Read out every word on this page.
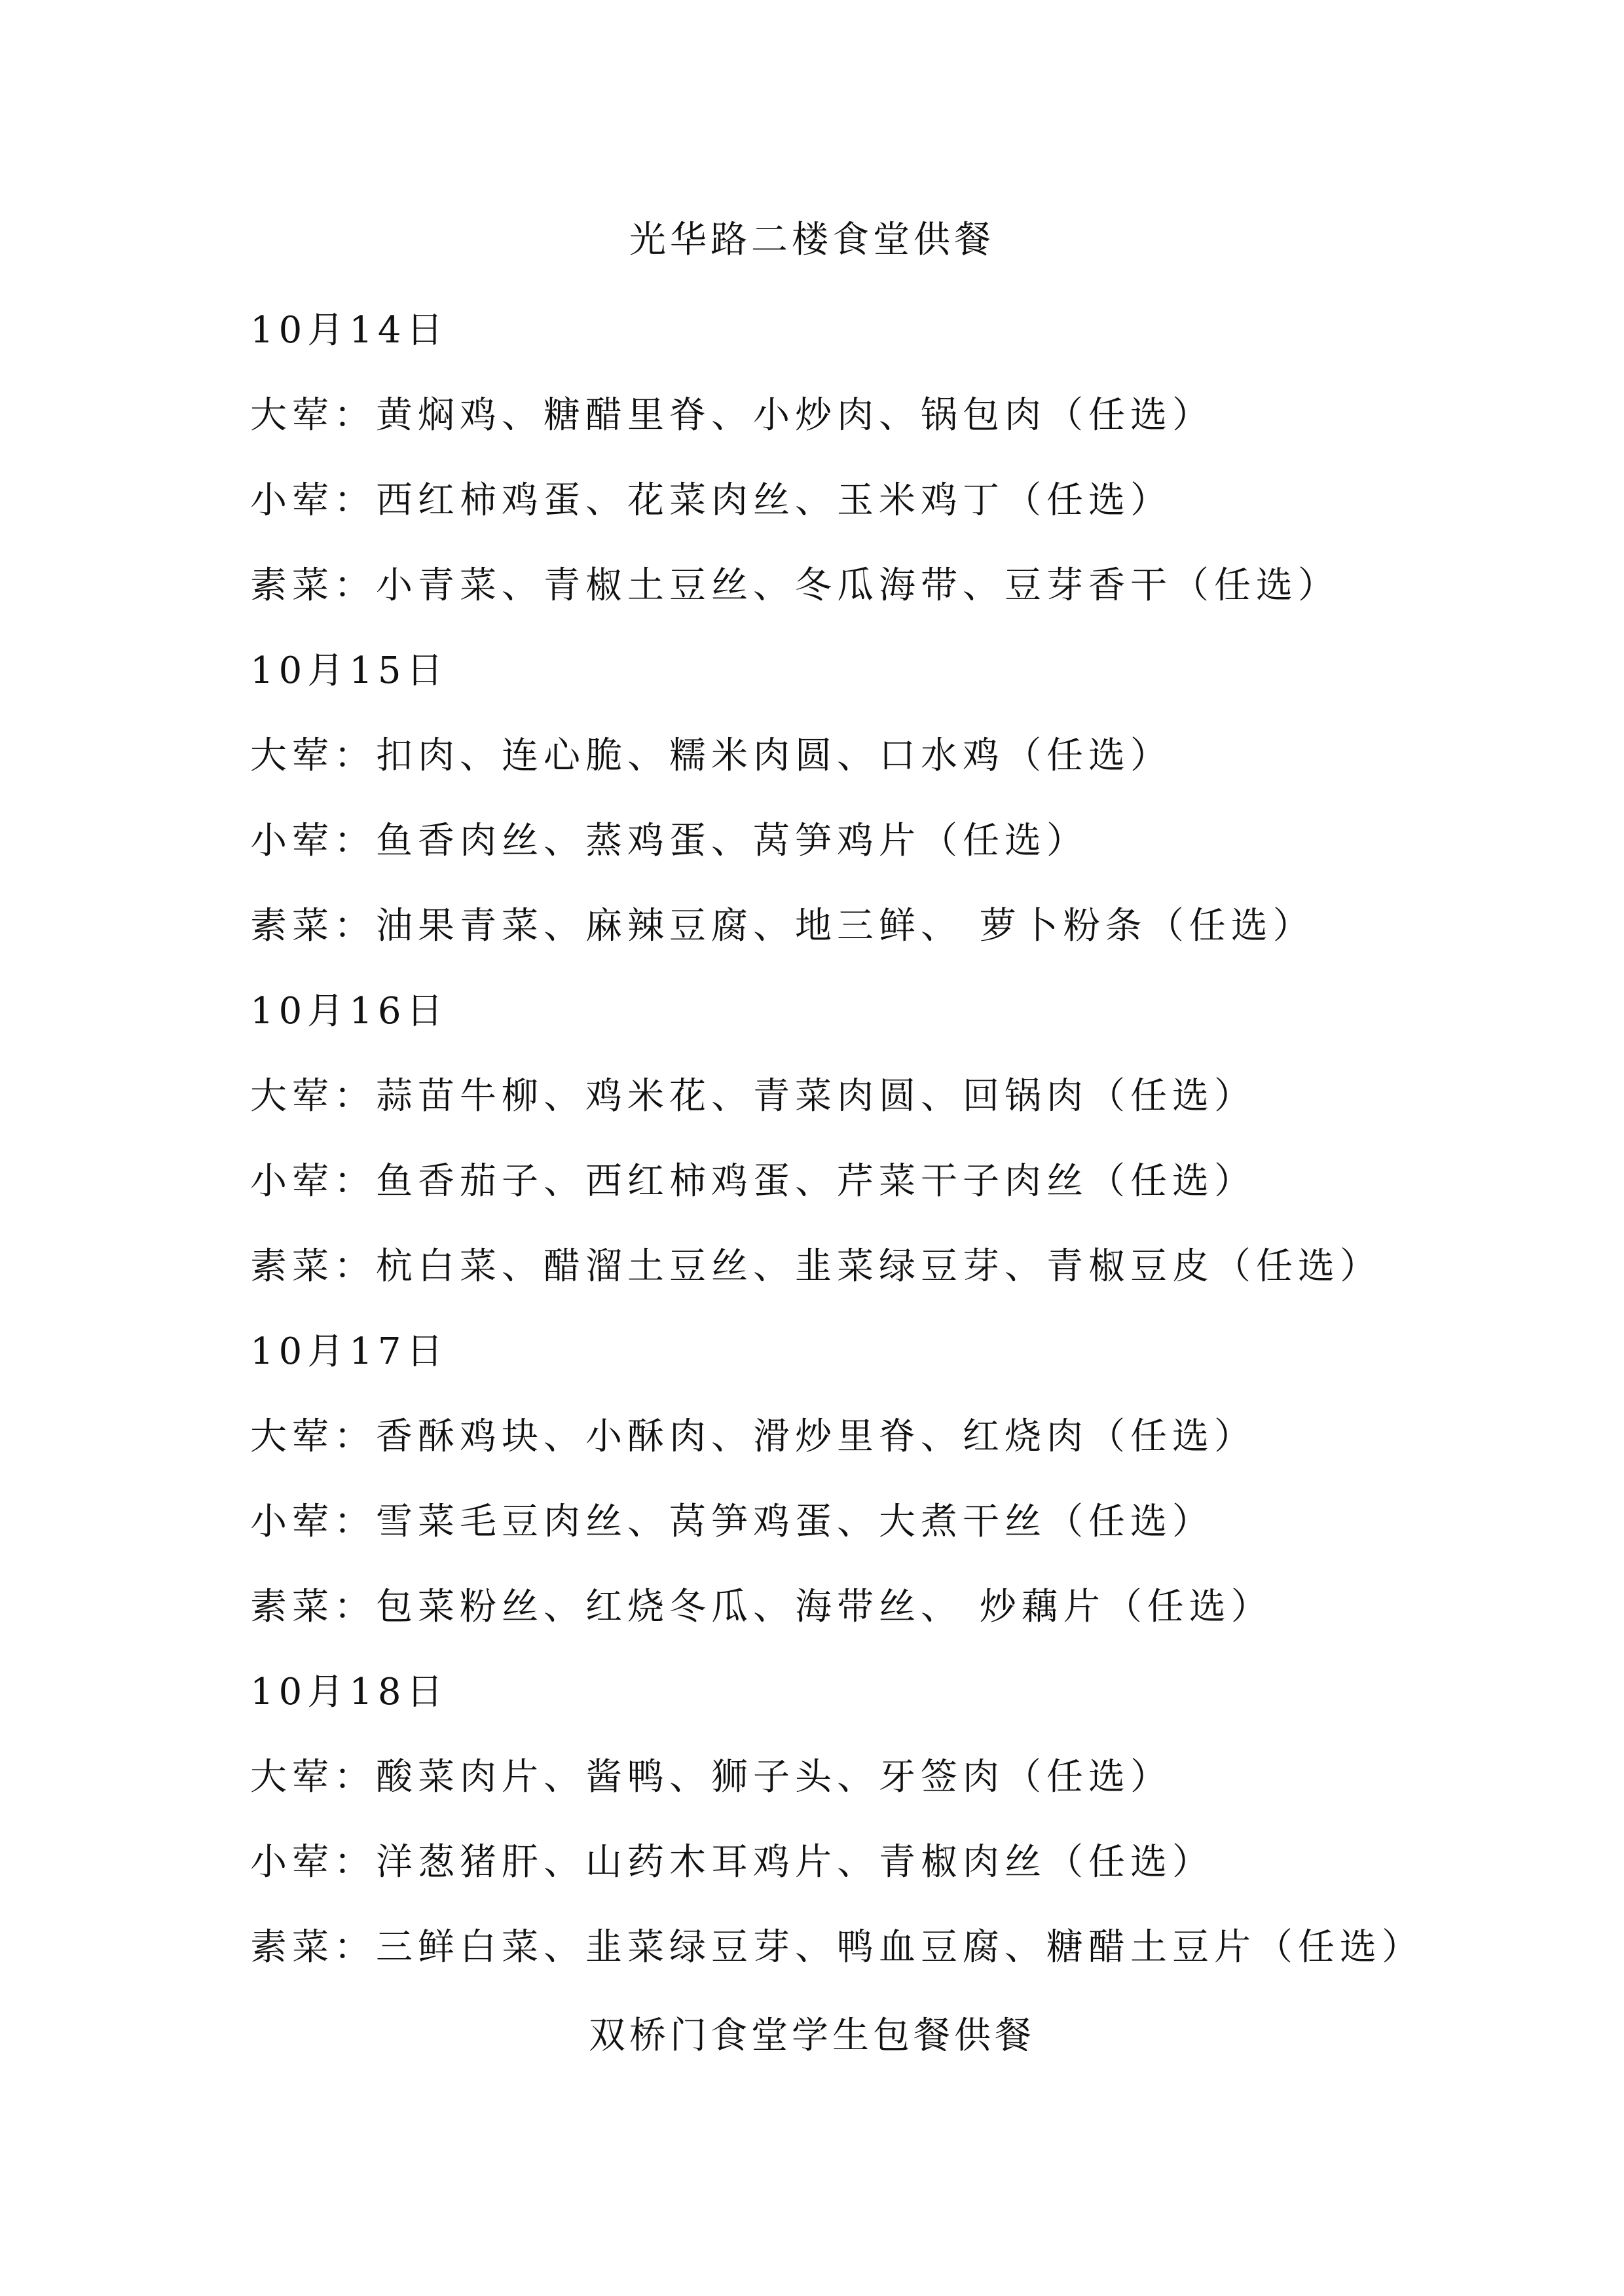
光华路二楼食堂供餐
10月14日
大荤：黄焖鸡、糖醋里脊、小炒肉、锅包肉（任选）
小荤：西红柿鸡蛋、花菜肉丝、玉米鸡丁（任选）
素菜：小青菜、青椒土豆丝、冬瓜海带、豆芽香干（任选）
10月15日
大荤：扣肉、连心脆、糯米肉圆、口水鸡（任选）
小荤：鱼香肉丝、蒸鸡蛋、莴笋鸡片（任选）
素菜：油果青菜、麻辣豆腐、地三鲜、 萝卜粉条（任选）
10月16日
大荤：蒜苗牛柳、鸡米花、青菜肉圆、回锅肉（任选）
小荤：鱼香茄子、西红柿鸡蛋、芹菜干子肉丝（任选）
素菜：杭白菜、醋溜土豆丝、韭菜绿豆芽、青椒豆皮（任选）
10月17日
大荤：香酥鸡块、小酥肉、滑炒里脊、红烧肉（任选）
小荤：雪菜毛豆肉丝、莴笋鸡蛋、大煮干丝（任选）
素菜：包菜粉丝、红烧冬瓜、海带丝、 炒藕片（任选）
10月18日
大荤：酸菜肉片、酱鸭、狮子头、牙签肉（任选）
小荤：洋葱猪肝、山药木耳鸡片、青椒肉丝（任选）
素菜：三鲜白菜、韭菜绿豆芽、鸭血豆腐、糖醋土豆片（任选）
双桥门食堂学生包餐供餐
